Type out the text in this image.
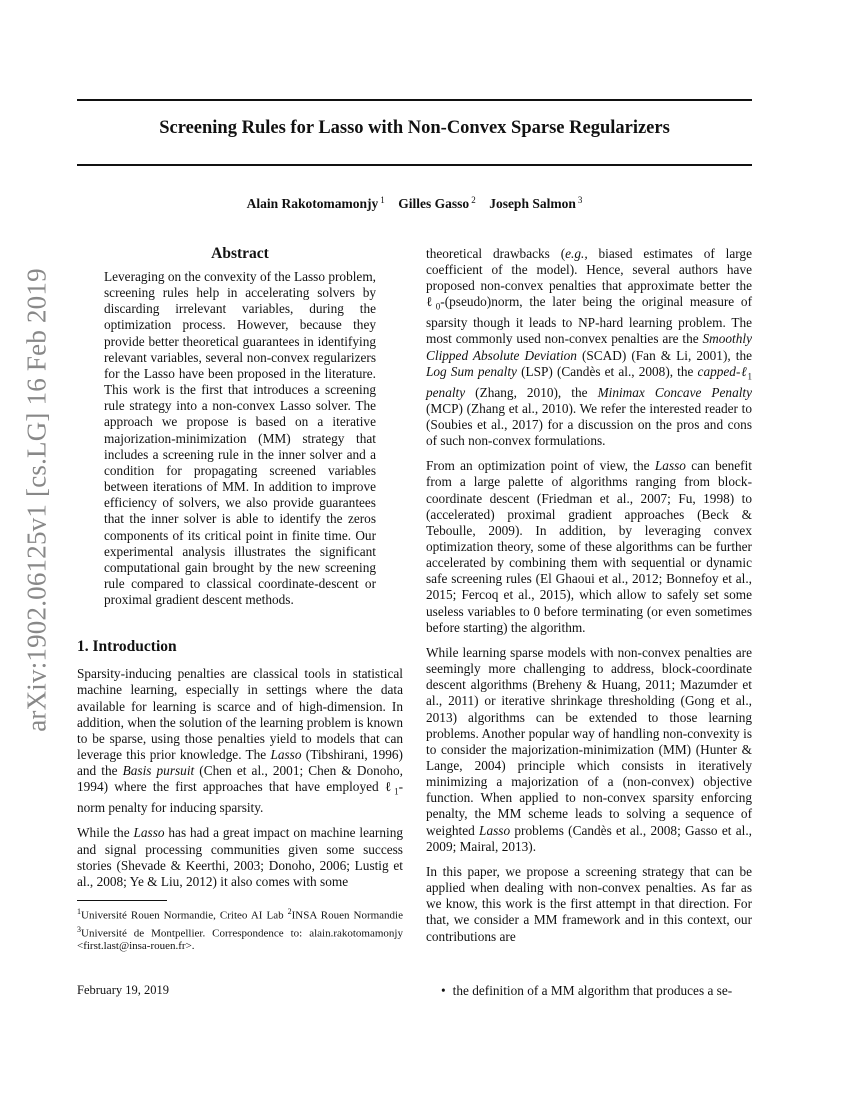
Screening Rules for Lasso with Non-Convex Sparse Regularizers
Alain Rakotomamonjy $^1$ Gilles Gasso $^2$ Joseph Salmon $^3$
arXiv:1902.06125v1 [cs.LG] 16 Feb 2019
Abstract
Leveraging on the convexity of the Lasso problem, screening rules help in accelerating solvers by discarding irrelevant variables, during the optimization process. However, because they provide better theoretical guarantees in identifying relevant variables, several non-convex regularizers for the Lasso have been proposed in the literature. This work is the first that introduces a screening rule strategy into a non-convex Lasso solver. The approach we propose is based on a iterative majorization-minimization (MM) strategy that includes a screening rule in the inner solver and a condition for propagating screened variables between iterations of MM. In addition to improve efficiency of solvers, we also provide guarantees that the inner solver is able to identify the zeros components of its critical point in finite time. Our experimental analysis illustrates the significant computational gain brought by the new screening rule compared to classical coordinate-descent or proximal gradient descent methods.
1. Introduction

Sparsity-inducing penalties are classical tools in statistical machine learning, especially in settings where the data available for learning is scarce and of high-dimension. In addition, when the solution of the learning problem is known to be sparse, using those penalties yield to models that can leverage this prior knowledge. The Lasso (Tibshirani, 1996) and the Basis pursuit (Chen et al., 2001; Chen & Donoho, 1994) where the first approaches that have employed ℓ$_1$-norm penalty for inducing sparsity.

While the Lasso has had a great impact on machine learning and signal processing communities given some success stories (Shevade & Keerthi, 2003; Donoho, 2006; Lustig et al., 2008; Ye & Liu, 2012) it also comes with some

$^1$Université Rouen Normandie, Criteo AI Lab $^2$INSA Rouen Normandie $^3$Université de Montpellier. Correspondence to: alain.rakotomamonjy <first.last@insa-rouen.fr>.
February 19, 2019

theoretical drawbacks (e.g., biased estimates of large coefficient of the model). Hence, several authors have proposed non-convex penalties that approximate better the ℓ$_0$-(pseudo)norm, the later being the original measure of sparsity though it leads to NP-hard learning problem. The most commonly used non-convex penalties are the Smoothly Clipped Absolute Deviation (SCAD) (Fan & Li, 2001), the Log Sum penalty (LSP) (Candès et al., 2008), the capped-ℓ$_1$ penalty (Zhang, 2010), the Minimax Concave Penalty (MCP) (Zhang et al., 2010). We refer the interested reader to (Soubies et al., 2017) for a discussion on the pros and cons of such non-convex formulations.

From an optimization point of view, the Lasso can benefit from a large palette of algorithms ranging from block-coordinate descent (Friedman et al., 2007; Fu, 1998) to (accelerated) proximal gradient approaches (Beck & Teboulle, 2009). In addition, by leveraging convex optimization theory, some of these algorithms can be further accelerated by combining them with sequential or dynamic safe screening rules (El Ghaoui et al., 2012; Bonnefoy et al., 2015; Fercoq et al., 2015), which allow to safely set some useless variables to 0 before terminating (or even sometimes before starting) the algorithm.

While learning sparse models with non-convex penalties are seemingly more challenging to address, block-coordinate descent algorithms (Breheny & Huang, 2011; Mazumder et al., 2011) or iterative shrinkage thresholding (Gong et al., 2013) algorithms can be extended to those learning problems. Another popular way of handling non-convexity is to consider the majorization-minimization (MM) (Hunter & Lange, 2004) principle which consists in iteratively minimizing a majorization of a (non-convex) objective function. When applied to non-convex sparsity enforcing penalty, the MM scheme leads to solving a sequence of weighted Lasso problems (Candès et al., 2008; Gasso et al., 2009; Mairal, 2013).

In this paper, we propose a screening strategy that can be applied when dealing with non-convex penalties. As far as we know, this work is the first attempt in that direction. For that, we consider a MM framework and in this context, our contributions are

• the definition of a MM algorithm that produces a se-
